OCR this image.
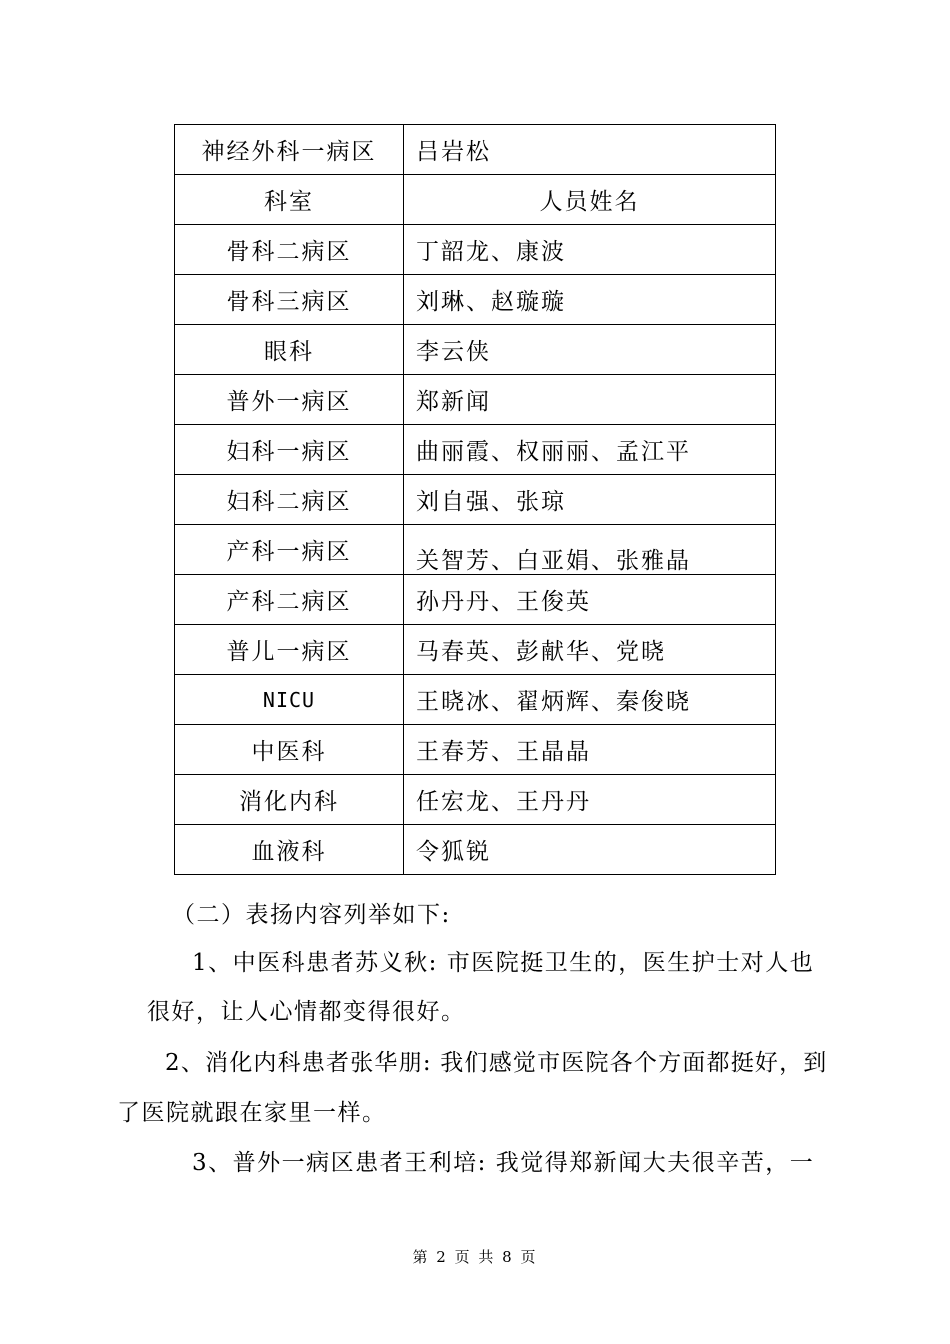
神经外科一病区	吕岩松
科室	人员姓名
骨科二病区	丁韶龙、康波
骨科三病区	刘琳、赵璇璇
眼科	李云侠
普外一病区	郑新闻
妇科一病区	曲丽霞、权丽丽、孟江平
妇科二病区	刘自强、张琼
产科一病区	关智芳、白亚娟、张雅晶
产科二病区	孙丹丹、王俊英
普儿一病区	马春英、彭献华、党晓
NICU	王晓冰、翟炳辉、秦俊晓
中医科	王春芳、王晶晶
消化内科	任宏龙、王丹丹
血液科	令狐锐
（二）表扬内容列举如下:
1、中医科患者苏义秋: 市医院挺卫生的，医生护士对人也
很好，让人心情都变得很好。
2、消化内科患者张华朋: 我们感觉市医院各个方面都挺好，到
了医院就跟在家里一样。
3、普外一病区患者王利培: 我觉得郑新闻大夫很辛苦，一
第 2 页 共 8 页
